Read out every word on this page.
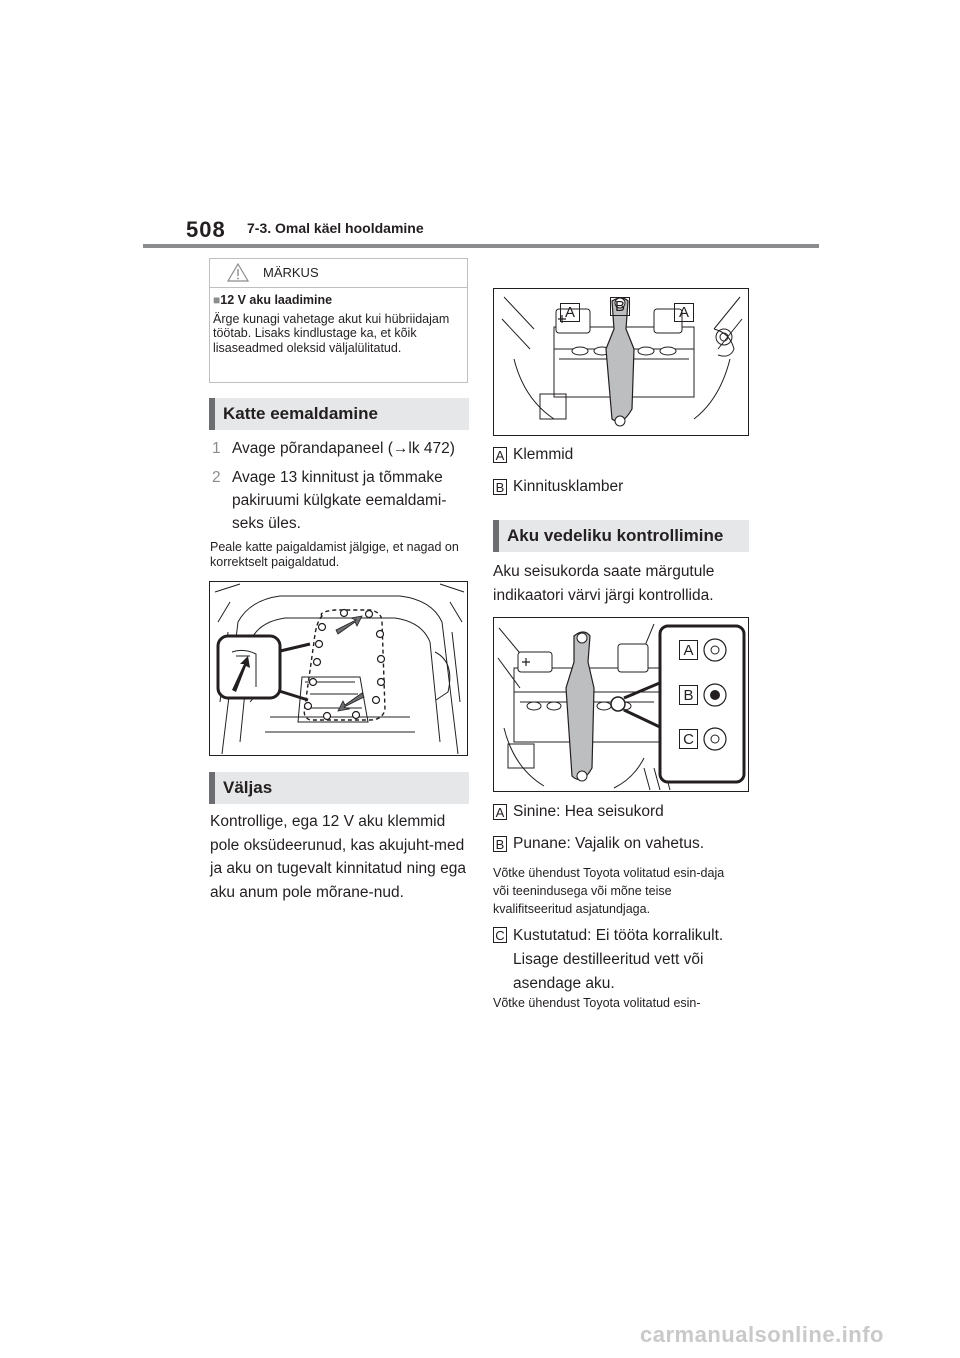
508 7-3. Omal käel hooldamine
MÄRKUS
■12 V aku laadimine
Ärge kunagi vahetage akut kui hübriidajam töötab. Lisaks kindlustage ka, et kõik lisaseadmed oleksid väljalülitatud.
Katte eemaldamine
1 Avage põrandapaneel (→lk 472)
2 Avage 13 kinnitust ja tõmmake pakiruumi külgkate eemaldami-seks üles.
Peale katte paigaldamist jälgige, et nagad on korrektselt paigaldatud.
Väljas
Kontrollige, ega 12 V aku klemmid pole oksüdeerunud, kas akujuht-med ja aku on tugevalt kinnitatud ning ega aku anum pole mõrane-nud.
A	B	A
A Klemmid
B Kinnitusklamber
Aku vedeliku kontrollimine
Aku seisukorda saate märgutule indikaatori värvi järgi kontrollida.
A
B
C
A Sinine: Hea seisukord
B Punane: Vajalik on vahetus.
Võtke ühendust Toyota volitatud esin-daja või teenindusega või mõne teise kvalifitseeritud asjatundjaga.
C Kustutatud: Ei tööta korralikult. Lisage destilleeritud vett või asendage aku.
Võtke ühendust Toyota volitatud esin-
carmanualsonline.info
